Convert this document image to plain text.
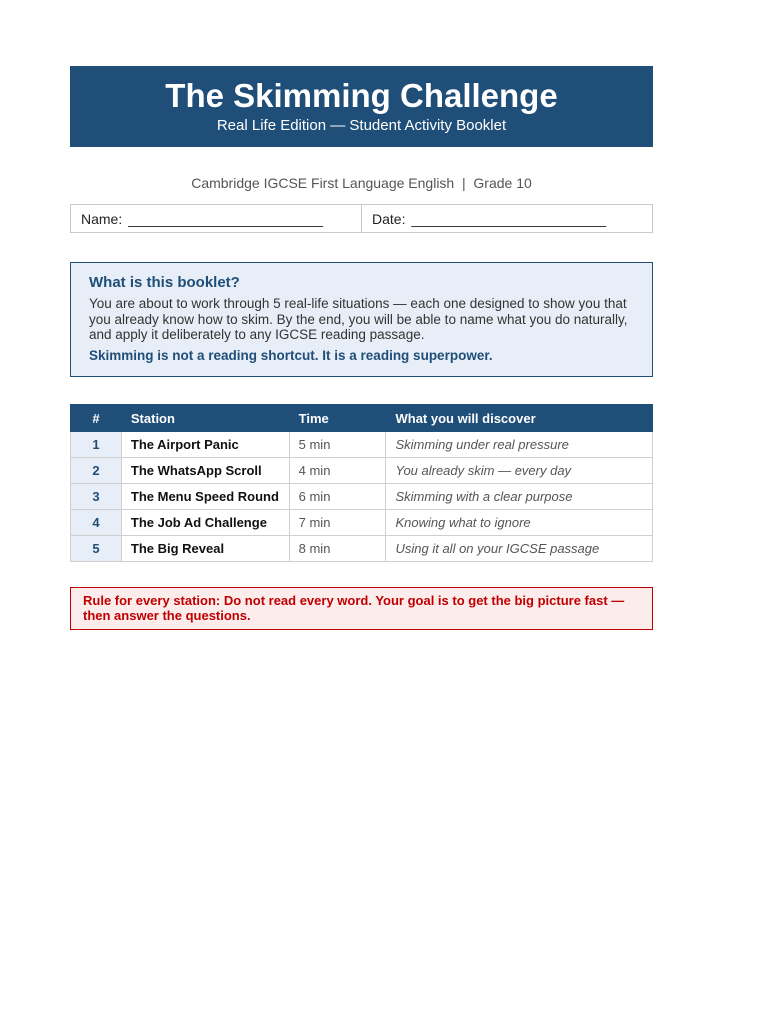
The Skimming Challenge
Real Life Edition — Student Activity Booklet
Cambridge IGCSE First Language English  |  Grade 10
Name: _________________________	Date: _________________________
What is this booklet?

You are about to work through 5 real-life situations — each one designed to show you that you already know how to skim. By the end, you will be able to name what you do naturally, and apply it deliberately to any IGCSE reading passage.

Skimming is not a reading shortcut. It is a reading superpower.
#	Station	Time	What you will discover
1	The Airport Panic	5 min	Skimming under real pressure
2	The WhatsApp Scroll	4 min	You already skim — every day
3	The Menu Speed Round	6 min	Skimming with a clear purpose
4	The Job Ad Challenge	7 min	Knowing what to ignore
5	The Big Reveal	8 min	Using it all on your IGCSE passage
Rule for every station: Do not read every word. Your goal is to get the big picture fast — then answer the questions.
